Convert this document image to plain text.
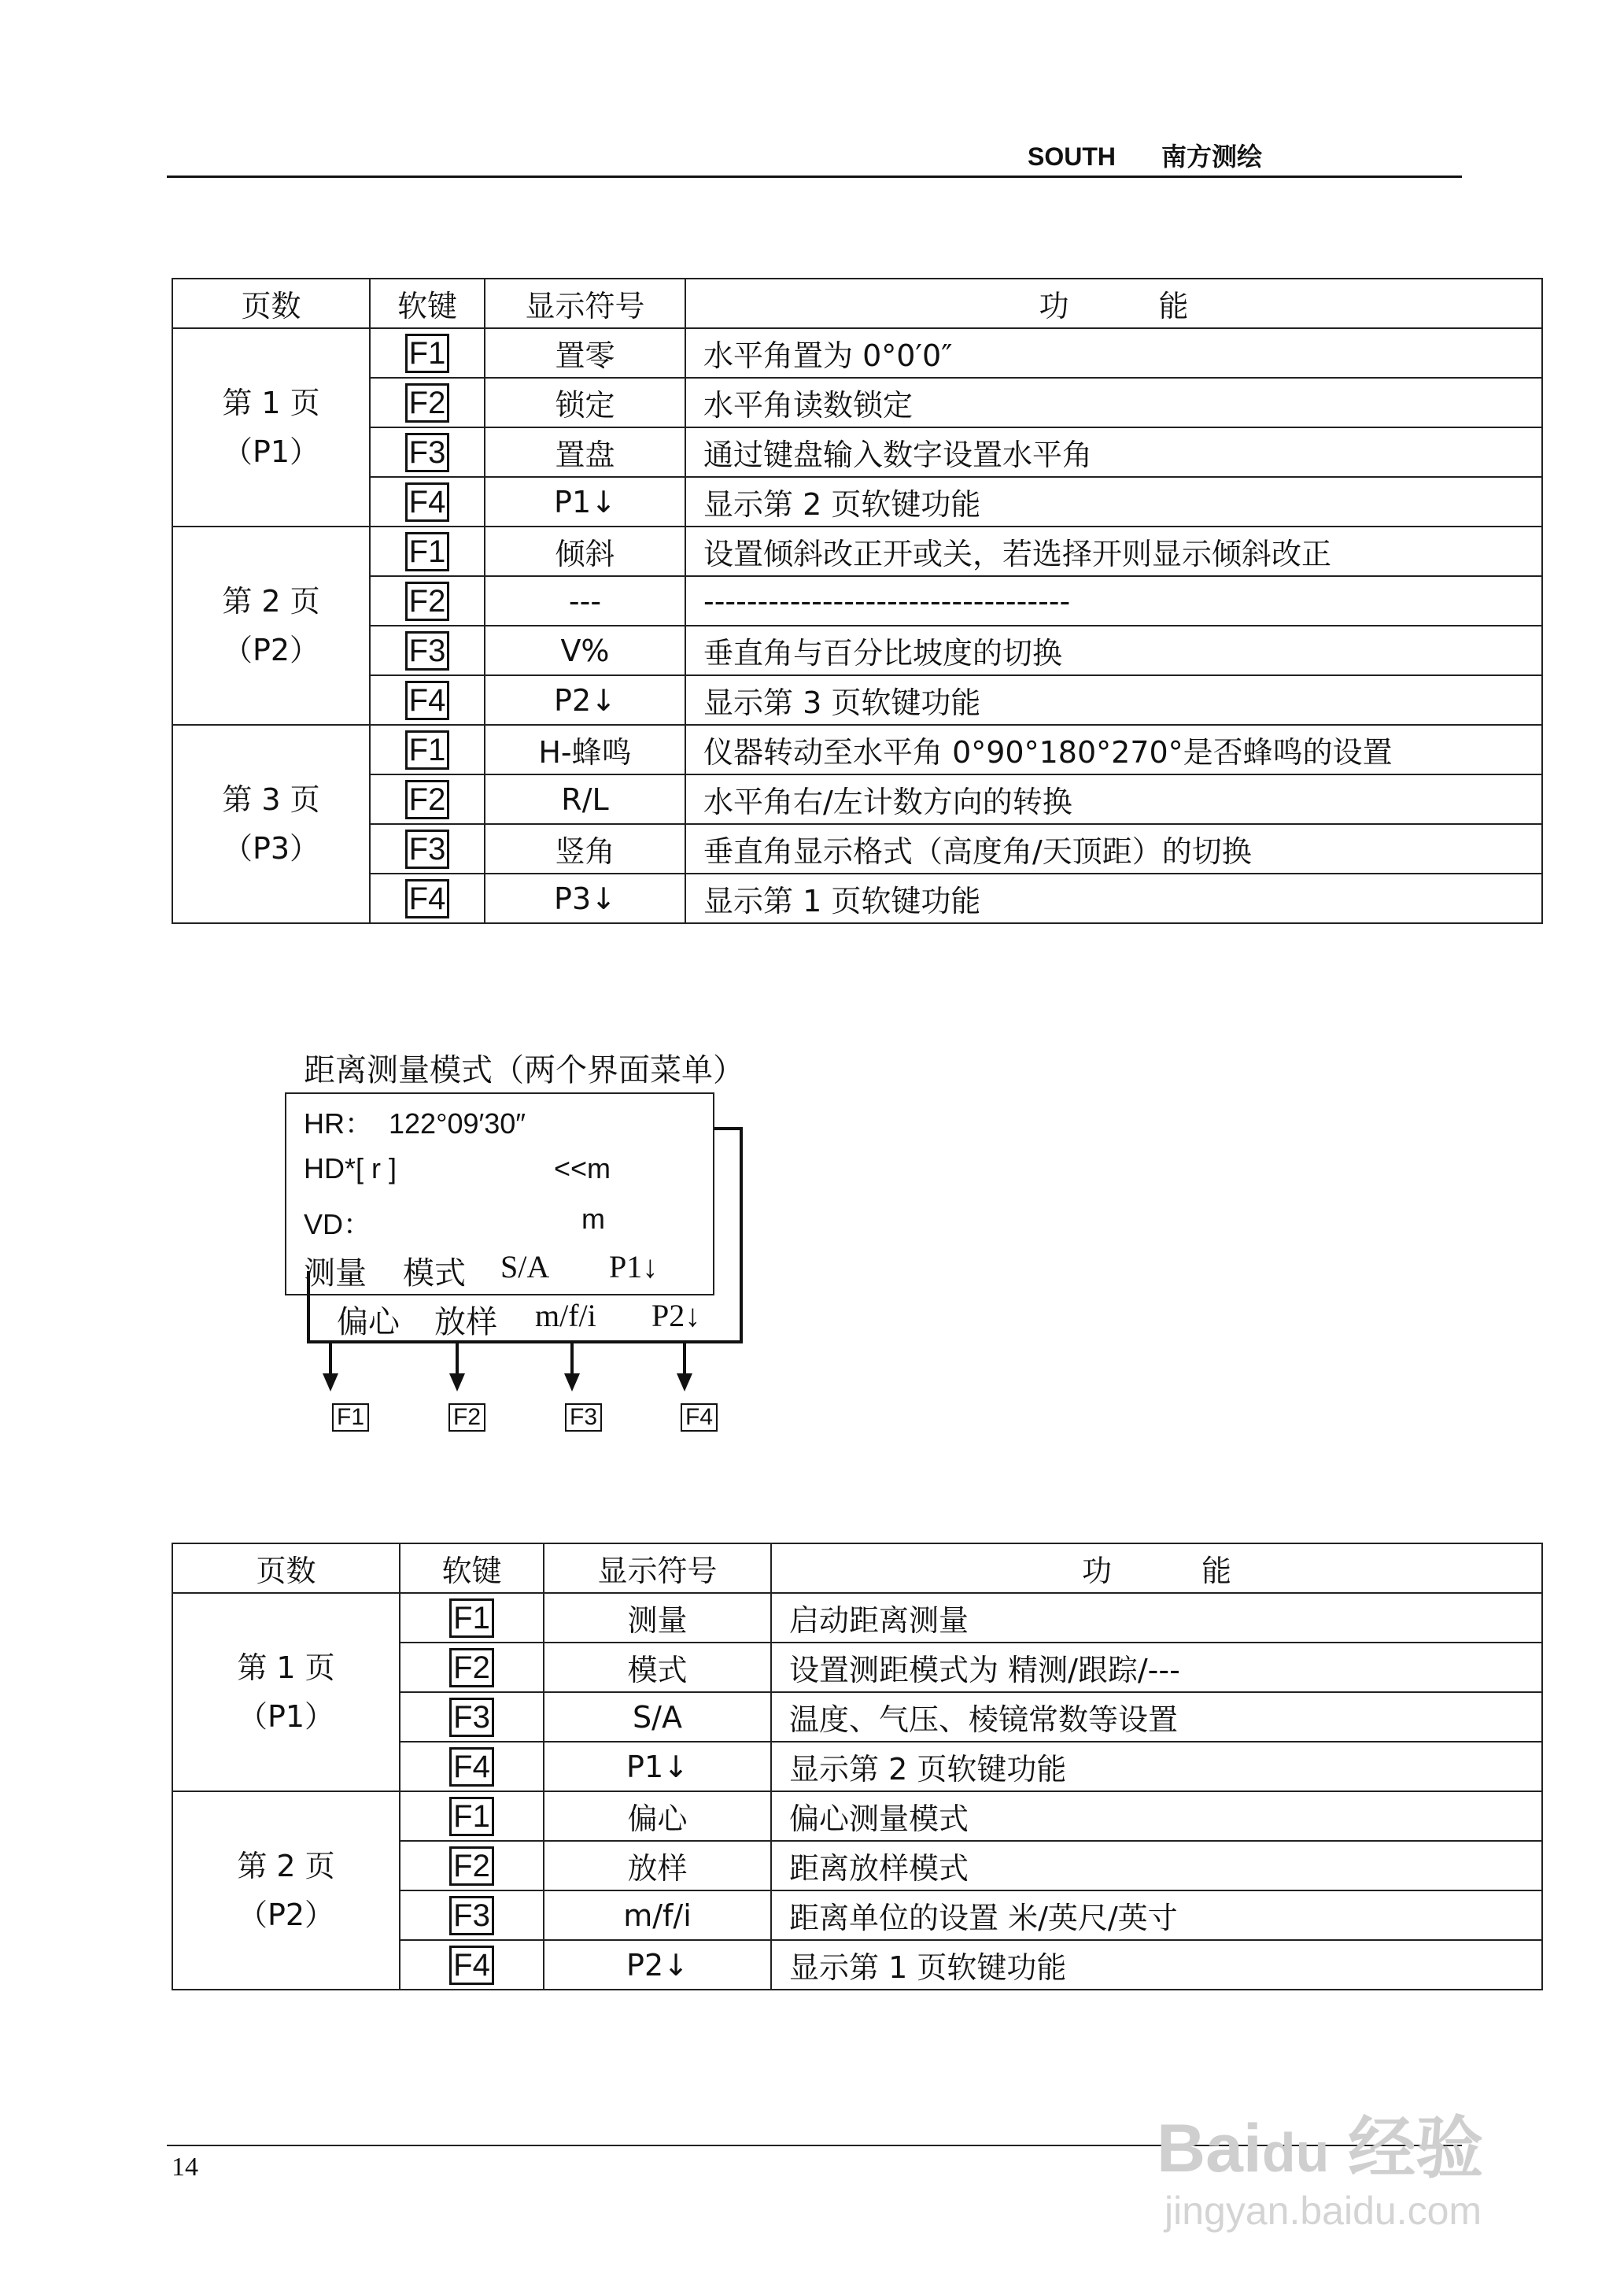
SOUTH 南方测绘
页数	软键	显示符号	功　　　能

第 1 页
（P1）	F1	置零	水平角置为 0°0′0″
	F2	锁定	水平角读数锁定
	F3	置盘	通过键盘输入数字设置水平角
	F4	P1↓	显示第 2 页软键功能

第 2 页
（P2）	F1	倾斜	设置倾斜改正开或关，若选择开则显示倾斜改正
	F2	---	----------------------------------
	F3	V%	垂直角与百分比坡度的切换
	F4	P2↓	显示第 3 页软键功能

第 3 页
（P3）	F1	H-蜂鸣	仪器转动至水平角 0°90°180°270°是否蜂鸣的设置
	F2	R/L	水平角右/左计数方向的转换
	F3	竖角	垂直角显示格式（高度角/天顶距）的切换
	F4	P3↓	显示第 1 页软键功能
距离测量模式（两个界面菜单）
HR：  122°09′30″
HD*[ r ]	<<m
VD：	m
测量 模式 S/A P1↓
偏心 放样 m/f/i P2↓
F1	F2	F3	F4
页数	软键	显示符号	功　　　能

第 1 页
（P1）	F1	测量	启动距离测量
	F2	模式	设置测距模式为 精测/跟踪/---
	F3	S/A	温度、气压、棱镜常数等设置
	F4	P1↓	显示第 2 页软键功能

第 2 页
（P2）	F1	偏心	偏心测量模式
	F2	放样	距离放样模式
	F3	m/f/i	距离单位的设置 米/英尺/英寸
	F4	P2↓	显示第 1 页软键功能
14	Baidu 经验
jingyan.baidu.com
